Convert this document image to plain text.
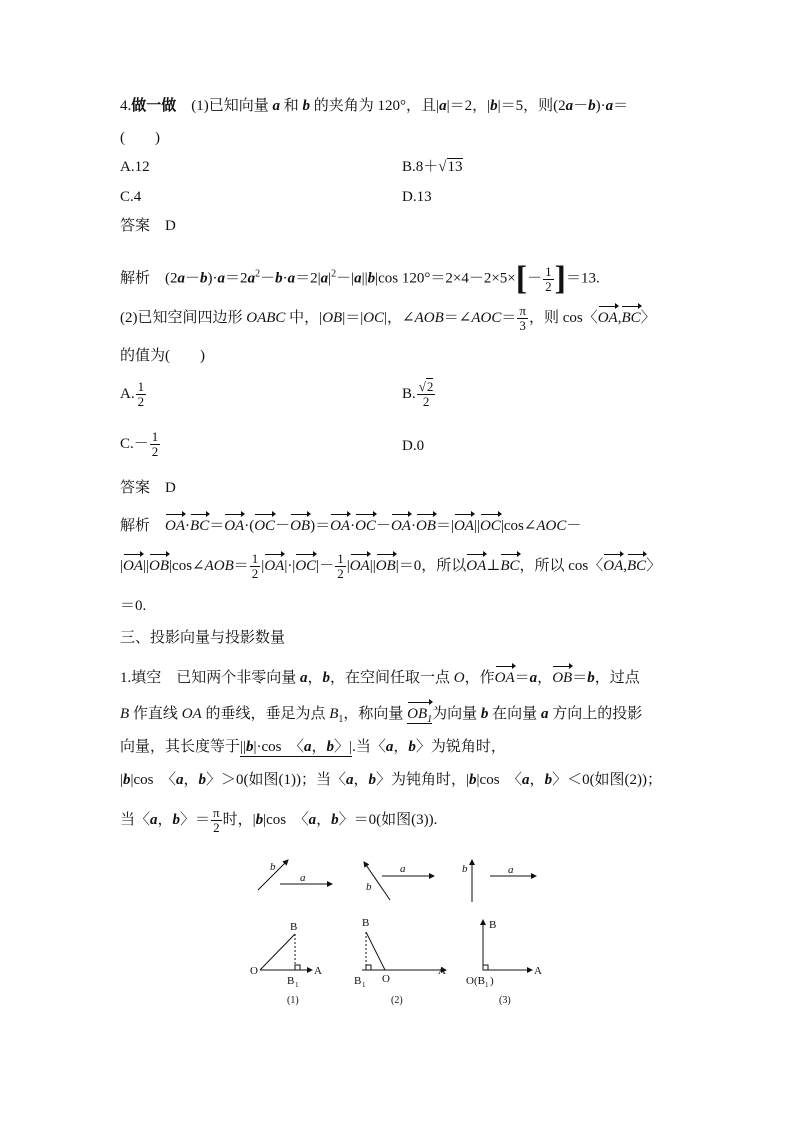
4.做一做　 (1)已知向量 a 和 b 的夹角为 120°，且|a|＝2，|b|＝5，则(2a－b)·a＝
(　　)
A.12	B.8＋√13
C.4	D.13
答案　 D
解析　 $(2a-b)\cdot a=2a^2-b\cdot a=2|a|^2-|a||b|\cos$ $120^\circ=2\times 4-2\times 5\times[- \frac{1}{2} ]=13$.
(2)已知空间四边形 OABC 中，|OB|＝|OC|，∠AOB＝∠AOC＝ $\frac{\pi}{3}$ ，则 cos〈OA,BC〉
的值为(　　)
A. $\frac{1}{2}$	B. $\frac{√2}{2}$
$C.- \frac{1}{2}$	D.0
答案　 D
解析　 OA·BC＝OA·(OC－OB)＝OA·OC－OA·OB＝|OA||OC|cos∠AOC－
|OA||OB|cos∠AOB＝ $\frac{1}{2} |OA|\cdot|OC|- \frac{1}{2} |OA||OB|=0$，所以OA⊥BC，所以 cos〈OA,BC〉
＝0.
三、投影向量与投影数量
1.填空　已知两个非零向量 a，b，在空间任取一点 O，作OA＝a，OB＝b，过点
B 作直线 OA 的垂线，垂足为点 $B_1$，称向量 $OB_1$为向量 b 在向量 a 方向上的投影
向量，其长度等于||b|·cos　〈a，b〉|.当〈a，b〉为锐角时，
|b|cos　〈a，b〉＞0(如图(1))；当〈a，b〉为钝角时，|b|cos　〈a，b〉＜0(如图(2))；
当〈a，b〉＝ $\frac{\pi}{2}$ 时，|b|cos　〈a，b〉＝0(如图(3)).
b
a
b
a	b	a
O	A
B
B 1
B
O
A
B 1
B
A
O(B 1 )
(1)	(2)	(3)
